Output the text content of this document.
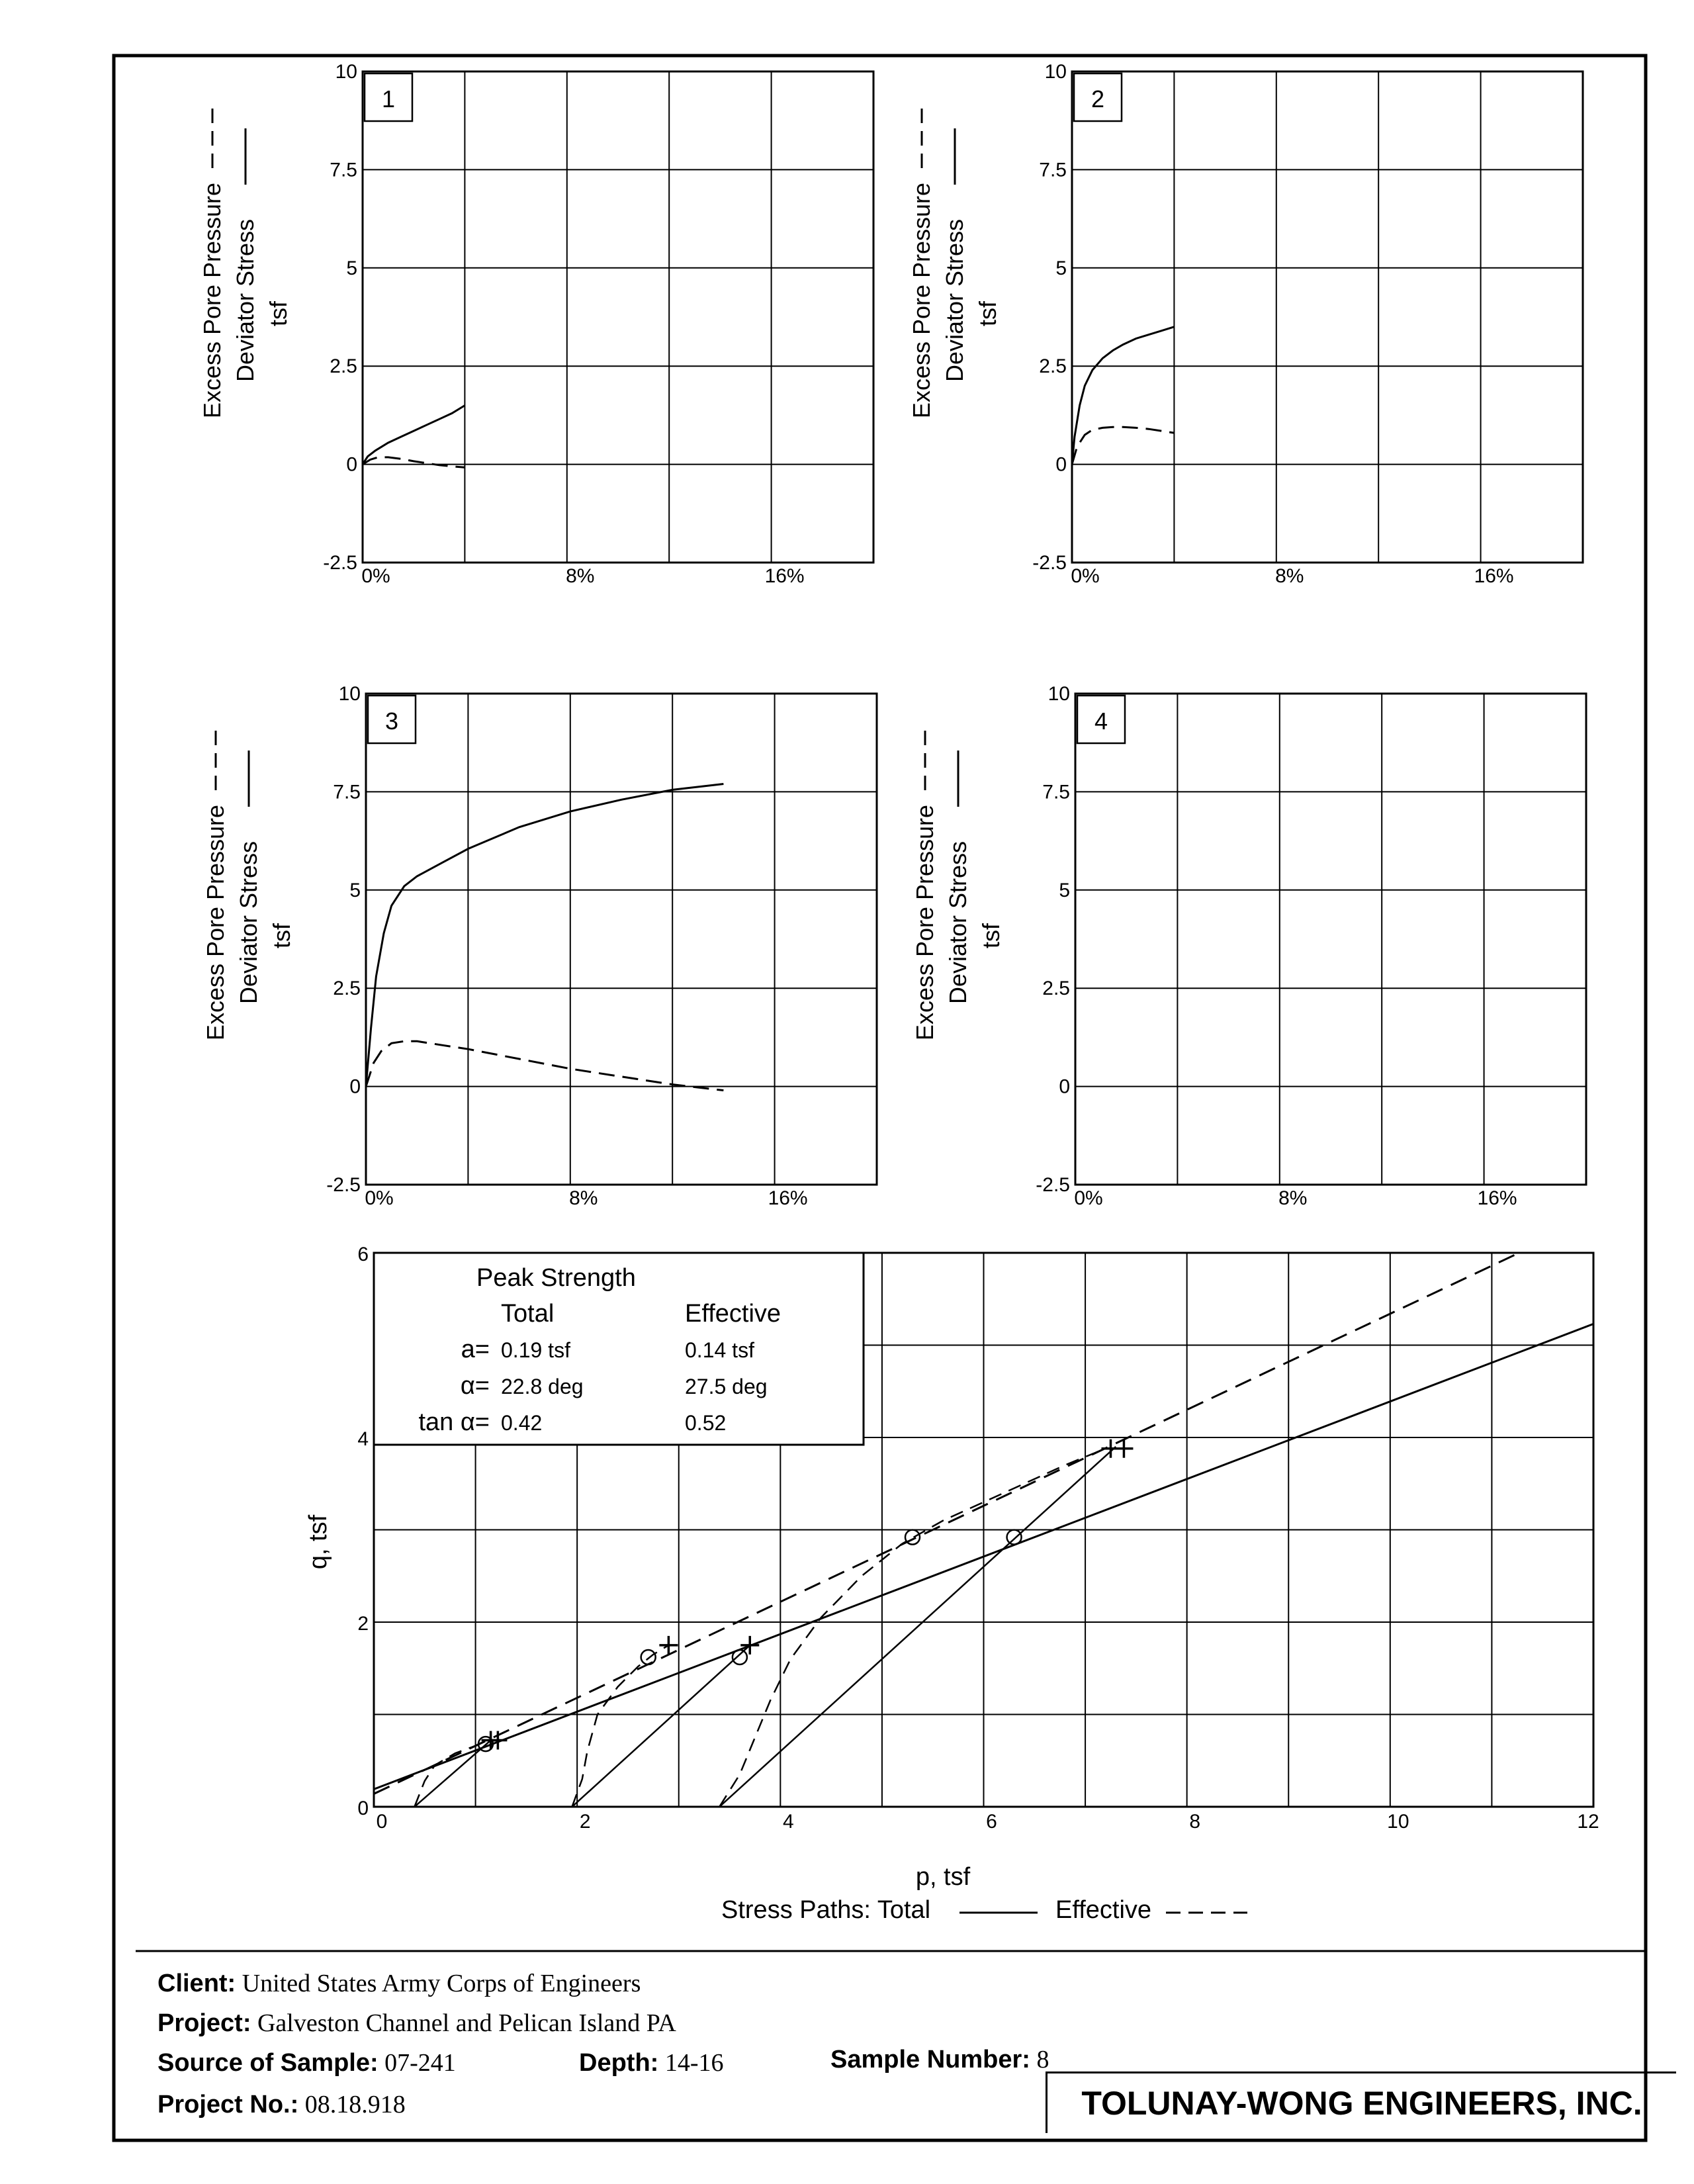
1
10
7.5
5
2.5
0
-2.5
0%	8%	16%
Excess Pore Pressure Deviator Stress tsf
2
10
7.5
5
2.5
0
-2.5
0%	8%	16%
Excess Pore Pressure Deviator Stress tsf
3
10
7.5
5
2.5
0
-2.5
0%	8%	16%
Excess Pore Pressure Deviator Stress tsf
4
10
7.5
5
2.5
0
-2.5
0%	8%	16%
Excess Pore Pressure Deviator Stress tsf
0	2	4	6	8	10	12
6
4
2
0
Peak Strength
Total	Effective
a= 0.19 tsf	0.14 tsf
α= 22.8 deg	27.5 deg
tan α= 0.42	0.52
p, tsf
q, tsf
Stress Paths: Total	Effective
Client: United States Army Corps of Engineers
Project: Galveston Channel and Pelican Island PA
Source of Sample: 07-241	Depth: 14-16	Sample Number: 8
Project No.: 08.18.918	TOLUNAY-WONG ENGINEERS, INC.
